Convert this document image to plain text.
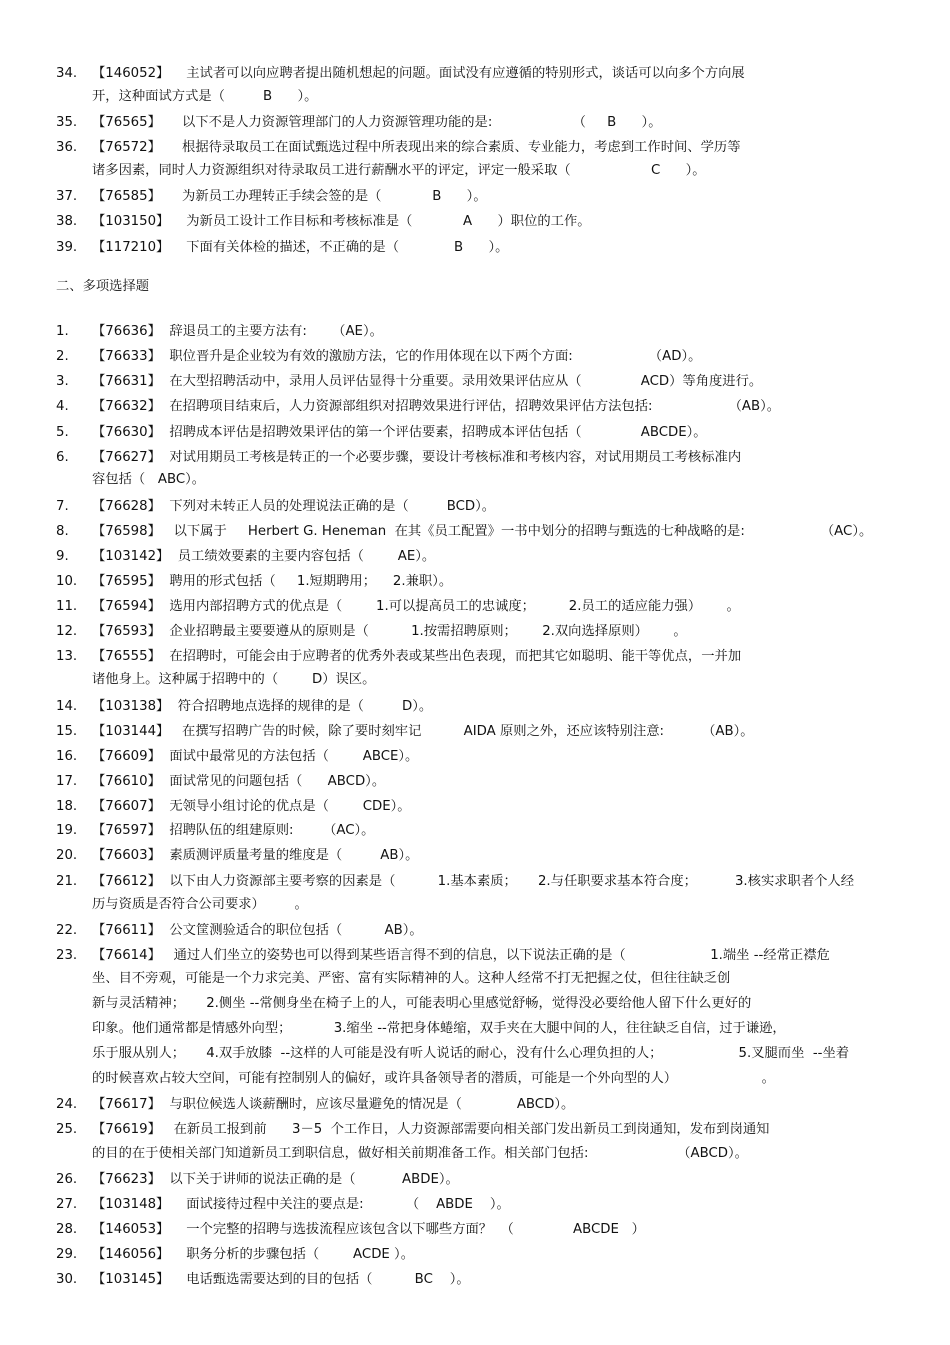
34.	【146052】    主试者可以向应聘者提出随机想起的问题。面试没有应遵循的特别形式，谈话可以向多个方向展
开，这种面试方式是（         B      ）。
35.	【76565】     以下不是人力资源管理部门的人力资源管理功能的是:                   （     B      ）。
36.	【76572】     根据待录取员工在面试甄选过程中所表现出来的综合素质、专业能力，考虑到工作时间、学历等
诸多因素，同时人力资源组织对待录取员工进行薪酬水平的评定，评定一般采取（                   C      ）。
37.	【76585】     为新员工办理转正手续会签的是（            B      ）。
38.	【103150】    为新员工设计工作目标和考核标准是（            A      ）职位的工作。
39.	【117210】    下面有关体检的描述，不正确的是（             B      ）。
二、多项选择题
1.	【76636】  辞退员工的主要方法有:      （AE）。
2.	【76633】  职位晋升是企业较为有效的激励方法，它的作用体现在以下两个方面:                  （AD）。
3.	【76631】  在大型招聘活动中，录用人员评估显得十分重要。录用效果评估应从（              ACD）等角度进行。
4.	【76632】  在招聘项目结束后，人力资源部组织对招聘效果进行评估，招聘效果评估方法包括:                  （AB）。
5.	【76630】  招聘成本评估是招聘效果评估的第一个评估要素，招聘成本评估包括（              ABCDE）。
6.	【76627】  对试用期员工考核是转正的一个必要步骤，要设计考核标准和考核内容，对试用期员工考核标准内
容包括（   ABC）。
7.	【76628】  下列对未转正人员的处理说法正确的是（         BCD）。
8.	【76598】   以下属于     Herbert G. Heneman  在其《员工配置》一书中划分的招聘与甄选的七种战略的是:                  （AC）。
9.	【103142】  员工绩效要素的主要内容包括（        AE）。
10.	【76595】  聘用的形式包括（     1.短期聘用；    2.兼职）。
11.	【76594】  选用内部招聘方式的优点是（        1.可以提高员工的忠诚度；        2.员工的适应能力强）      。
12.	【76593】  企业招聘最主要要遵从的原则是（          1.按需招聘原则；      2.双向选择原则）      。
13.	【76555】  在招聘时，可能会由于应聘者的优秀外表或某些出色表现，而把其它如聪明、能干等优点，一并加
诸他身上。这种属于招聘中的（        D）误区。
14.	【103138】  符合招聘地点选择的规律的是（         D）。
15.	【103144】   在撰写招聘广告的时候，除了要时刻牢记          AIDA 原则之外，还应该特别注意:         （AB）。
16.	【76609】  面试中最常见的方法包括（        ABCE）。
17.	【76610】  面试常见的问题包括（      ABCD）。
18.	【76607】  无领导小组讨论的优点是（        CDE）。
19.	【76597】  招聘队伍的组建原则:       （AC）。
20.	【76603】  素质测评质量考量的维度是（         AB）。
21.	【76612】  以下由人力资源部主要考察的因素是（          1.基本素质；     2.与任职要求基本符合度；         3.核实求职者个人经
历与资质是否符合公司要求）       。
22.	【76611】  公文筐测验适合的职位包括（          AB）。
23.	【76614】   通过人们坐立的姿势也可以得到某些语言得不到的信息，以下说法正确的是（                    1.端坐 --经常正襟危
坐、目不旁观，可能是一个力求完美、严密、富有实际精神的人。这种人经常不打无把握之仗，但往往缺乏创
新与灵活精神；     2.侧坐 --常侧身坐在椅子上的人，可能表明心里感觉舒畅，觉得没必要给他人留下什么更好的
印象。他们通常都是情感外向型；          3.缩坐 --常把身体蜷缩，双手夹在大腿中间的人，往往缺乏自信，过于谦逊，
乐于服从别人；     4.双手放膝  --这样的人可能是没有听人说话的耐心，没有什么心理负担的人；                  5.叉腿而坐  --坐着
的时候喜欢占较大空间，可能有控制别人的偏好，或许具备领导者的潜质，可能是一个外向型的人）                    。
24.	【76617】  与职位候选人谈薪酬时，应该尽量避免的情况是（             ABCD）。
25.	【76619】   在新员工报到前      3－5  个工作日，人力资源部需要向相关部门发出新员工到岗通知，发布到岗通知
的目的在于使相关部门知道新员工到职信息，做好相关前期准备工作。相关部门包括:                     （ABCD）。
26.	【76623】  以下关于讲师的说法正确的是（           ABDE）。
27.	【103148】    面试接待过程中关注的要点是:          （    ABDE    ）。
28.	【146053】    一个完整的招聘与选拔流程应该包含以下哪些方面？  （              ABCDE   ）
29.	【146056】    职务分析的步骤包括（        ACDE ）。
30.	【103145】    电话甄选需要达到的目的包括（          BC    ）。
